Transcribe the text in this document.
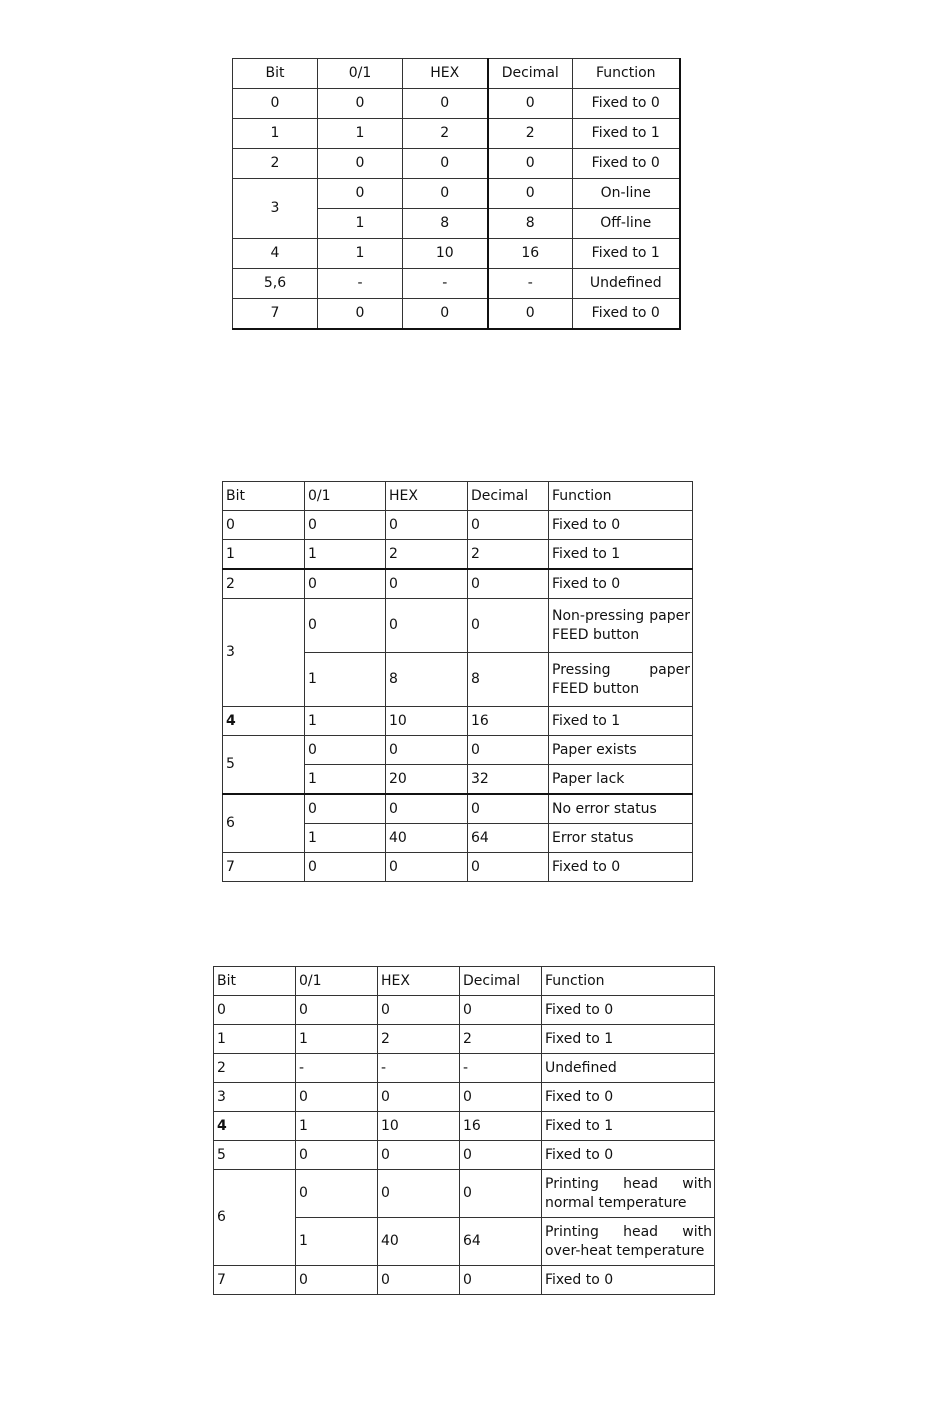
Bit	0/1	HEX	Decimal	Function
0	0	0	0	Fixed to 0
1	1	2	2	Fixed to 1
2	0	0	0	Fixed to 0
3	0	0	0	On-line
	1	8	8	Off-line
4	1	10	16	Fixed to 1
5,6	-	-	-	Undefined
7	0	0	0	Fixed to 0
Bit	0/1	HEX	Decimal	Function
0	0	0	0	Fixed to 0
1	1	2	2	Fixed to 1
2	0	0	0	Fixed to 0
3	0	0	0	Non-pressing paper FEED button
	1	8	8	Pressing paper FEED button
4	1	10	16	Fixed to 1
5	0	0	0	Paper exists
	1	20	32	Paper lack
6	0	0	0	No error status
	1	40	64	Error status
7	0	0	0	Fixed to 0
Bit	0/1	HEX	Decimal	Function
0	0	0	0	Fixed to 0
1	1	2	2	Fixed to 1
2	-	-	-	Undefined
3	0	0	0	Fixed to 0
4	1	10	16	Fixed to 1
5	0	0	0	Fixed to 0
6	0	0	0	Printing head with normal temperature
	1	40	64	Printing head with over-heat temperature
7	0	0	0	Fixed to 0
